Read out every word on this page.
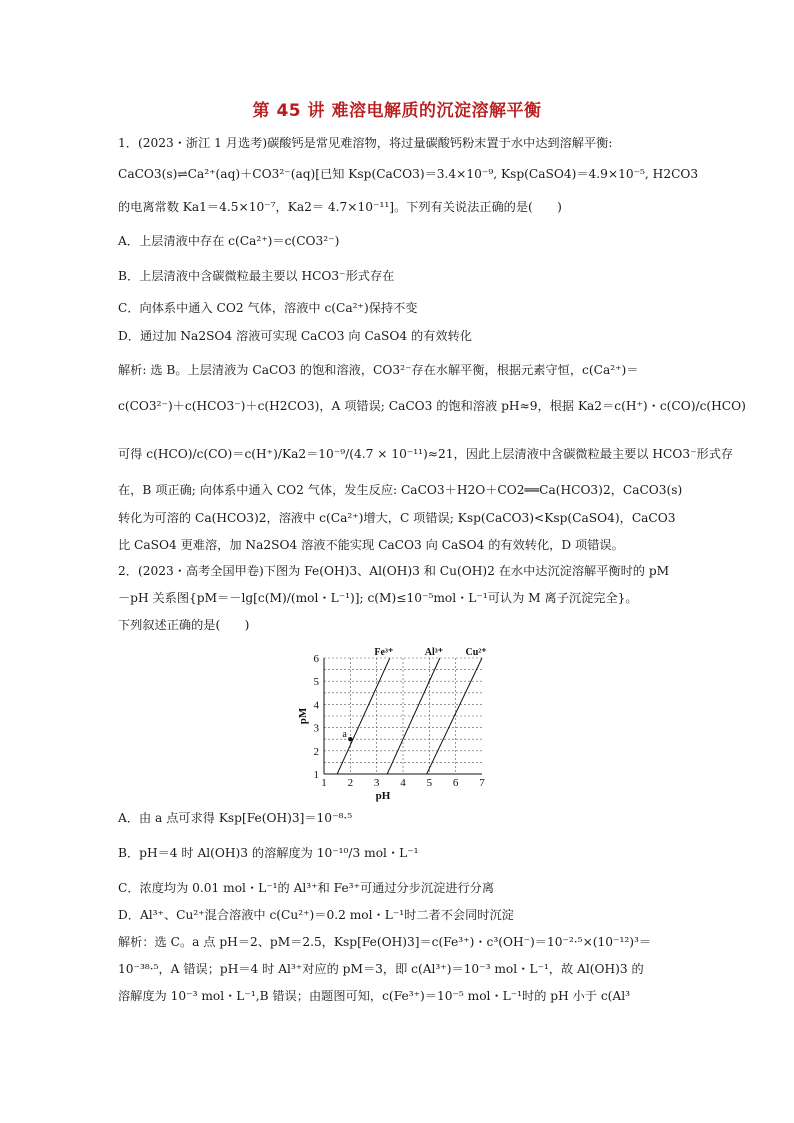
第 45 讲 难溶电解质的沉淀溶解平衡
1．(2023・浙江 1 月选考)碳酸钙是常见难溶物，将过量碳酸钙粉末置于水中达到溶解平衡:
CaCO3(s)⇌Ca²⁺(aq)＋CO3²⁻(aq)[已知 Ksp(CaCO3)＝3.4×10⁻⁹, Ksp(CaSO4)＝4.9×10⁻⁵, H2CO3
的电离常数 Ka1＝4.5×10⁻⁷，Ka2＝ 4.7×10⁻¹¹]。下列有关说法正确的是(　　)
A．上层清液中存在 c(Ca²⁺)＝c(CO3²⁻)
B．上层清液中含碳微粒最主要以 HCO3⁻形式存在
C．向体系中通入 CO2 气体，溶液中 c(Ca²⁺)保持不变
D．通过加 Na2SO4 溶液可实现 CaCO3 向 CaSO4 的有效转化
解析: 选 B。上层清液为 CaCO3 的饱和溶液，CO3²⁻存在水解平衡，根据元素守恒，c(Ca²⁺)＝
c(CO3²⁻)＋c(HCO3⁻)＋c(H2CO3)，A 项错误; CaCO3 的饱和溶液 pH≈9，根据 Ka2＝c(H⁺)・c(CO)/c(HCO)
可得 c(HCO)/c(CO)＝c(H⁺)/Ka2＝10⁻⁹/(4.7 × 10⁻¹¹)≈21，因此上层清液中含碳微粒最主要以 HCO3⁻形式存
在，B 项正确; 向体系中通入 CO2 气体，发生反应: CaCO3＋H2O＋CO2══Ca(HCO3)2，CaCO3(s)
转化为可溶的 Ca(HCO3)2，溶液中 c(Ca²⁺)增大，C 项错误; Ksp(CaCO3)<Ksp(CaSO4)，CaCO3
比 CaSO4 更难溶，加 Na2SO4 溶液不能实现 CaCO3 向 CaSO4 的有效转化，D 项错误。
2．(2023・高考全国甲卷)下图为 Fe(OH)3、Al(OH)3 和 Cu(OH)2 在水中达沉淀溶解平衡时的 pM
－pH 关系图{pM＝－lg[c(M)/(mol・L⁻¹)]; c(M)≤10⁻⁵mol・L⁻¹可认为 M 离子沉淀完全}。
下列叙述正确的是(　　)
1 2 3 4 5 6 7
1
2
3
4
5
6
pH
pM
Fe³⁺	Al³⁺ Cu²⁺
a
A．由 a 点可求得 Ksp[Fe(OH)3]＝10⁻⁸·⁵
B．pH＝4 时 Al(OH)3 的溶解度为 10⁻¹⁰/3 mol・L⁻¹
C．浓度均为 0.01 mol・L⁻¹的 Al³⁺和 Fe³⁺可通过分步沉淀进行分离
D．Al³⁺、Cu²⁺混合溶液中 c(Cu²⁺)＝0.2 mol・L⁻¹时二者不会同时沉淀
解析：选 C。a 点 pH＝2、pM＝2.5，Ksp[Fe(OH)3]＝c(Fe³⁺)・c³(OH⁻)＝10⁻²·⁵×(10⁻¹²)³＝
10⁻³⁸·⁵，A 错误；pH＝4 时 Al³⁺对应的 pM＝3，即 c(Al³⁺)＝10⁻³ mol・L⁻¹，故 Al(OH)3 的
溶解度为 10⁻³ mol・L⁻¹,B 错误；由题图可知，c(Fe³⁺)＝10⁻⁵ mol・L⁻¹时的 pH 小于 c(Al³
